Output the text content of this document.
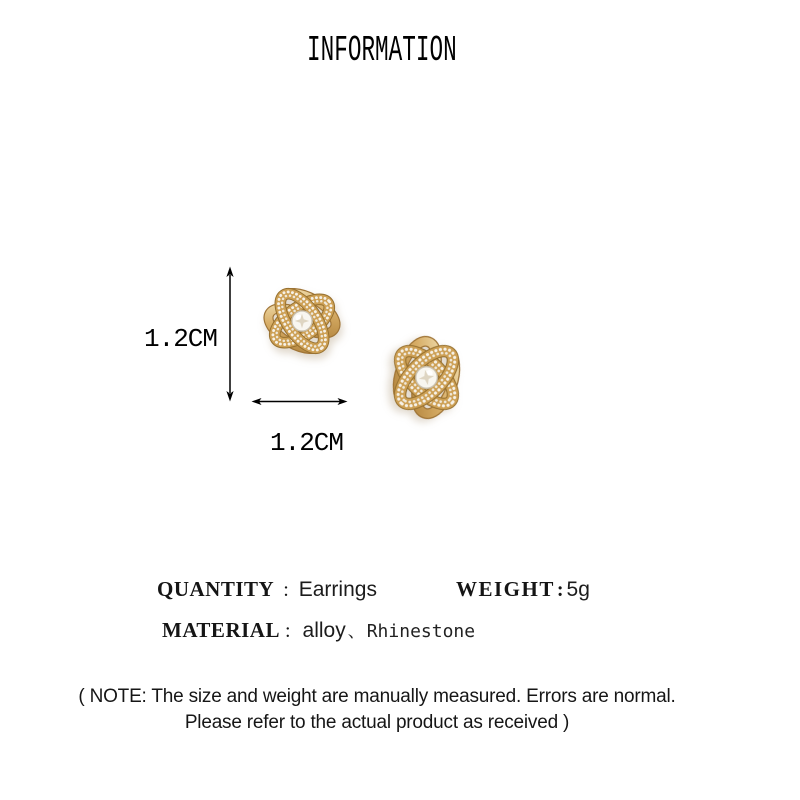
INFORMATION
1.2CM
1.2CM
QUANTITY : Earrings	WEIGHT : 5g
MATERIAL : alloy 、 Rhinestone
( NOTE: The size and weight are manually measured. Errors are normal.
Please refer to the actual product as received )
